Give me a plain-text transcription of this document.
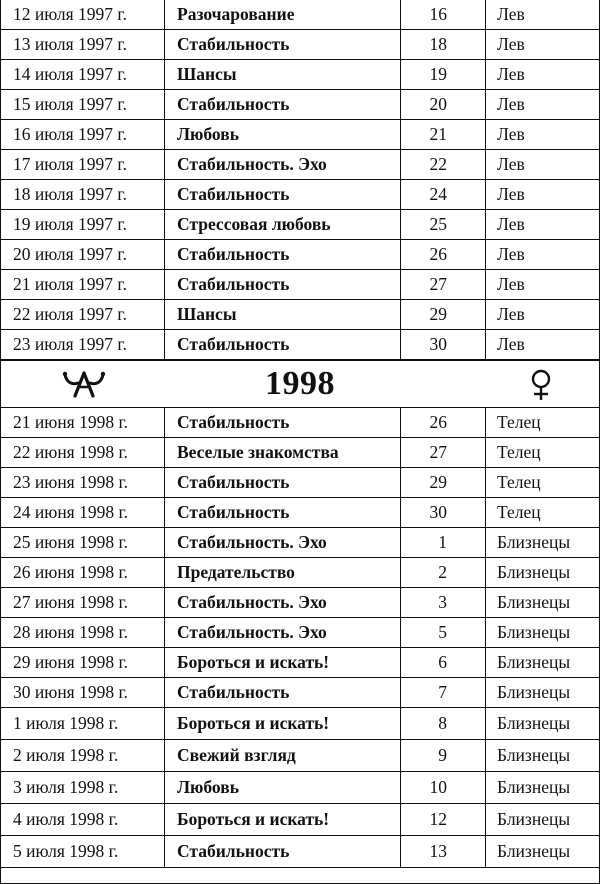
12 июля 1997 г.	Разочарование	16	Лев
13 июля 1997 г.	Стабильность	18	Лев
14 июля 1997 г.	Шансы	19	Лев
15 июля 1997 г.	Стабильность	20	Лев
16 июля 1997 г.	Любовь	21	Лев
17 июля 1997 г.	Стабильность. Эхо	22	Лев
18 июля 1997 г.	Стабильность	24	Лев
19 июля 1997 г.	Стрессовая любовь	25	Лев
20 июля 1997 г.	Стабильность	26	Лев
21 июля 1997 г.	Стабильность	27	Лев
22 июля 1997 г.	Шансы	29	Лев
23 июля 1997 г.	Стабильность	30	Лев
1998
21 июня 1998 г.	Стабильность	26	Телец
22 июня 1998 г.	Веселые знакомства	27	Телец
23 июня 1998 г.	Стабильность	29	Телец
24 июня 1998 г.	Стабильность	30	Телец
25 июня 1998 г.	Стабильность. Эхо	1	Близнецы
26 июня 1998 г.	Предательство	2	Близнецы
27 июня 1998 г.	Стабильность. Эхо	3	Близнецы
28 июня 1998 г.	Стабильность. Эхо	5	Близнецы
29 июня 1998 г.	Бороться и искать!	6	Близнецы
30 июня 1998 г.	Стабильность	7	Близнецы
1 июля 1998 г.	Бороться и искать!	8	Близнецы
2 июля 1998 г.	Свежий взгляд	9	Близнецы
3 июля 1998 г.	Любовь	10	Близнецы
4 июля 1998 г.	Бороться и искать!	12	Близнецы
5 июля 1998 г.	Стабильность	13	Близнецы
